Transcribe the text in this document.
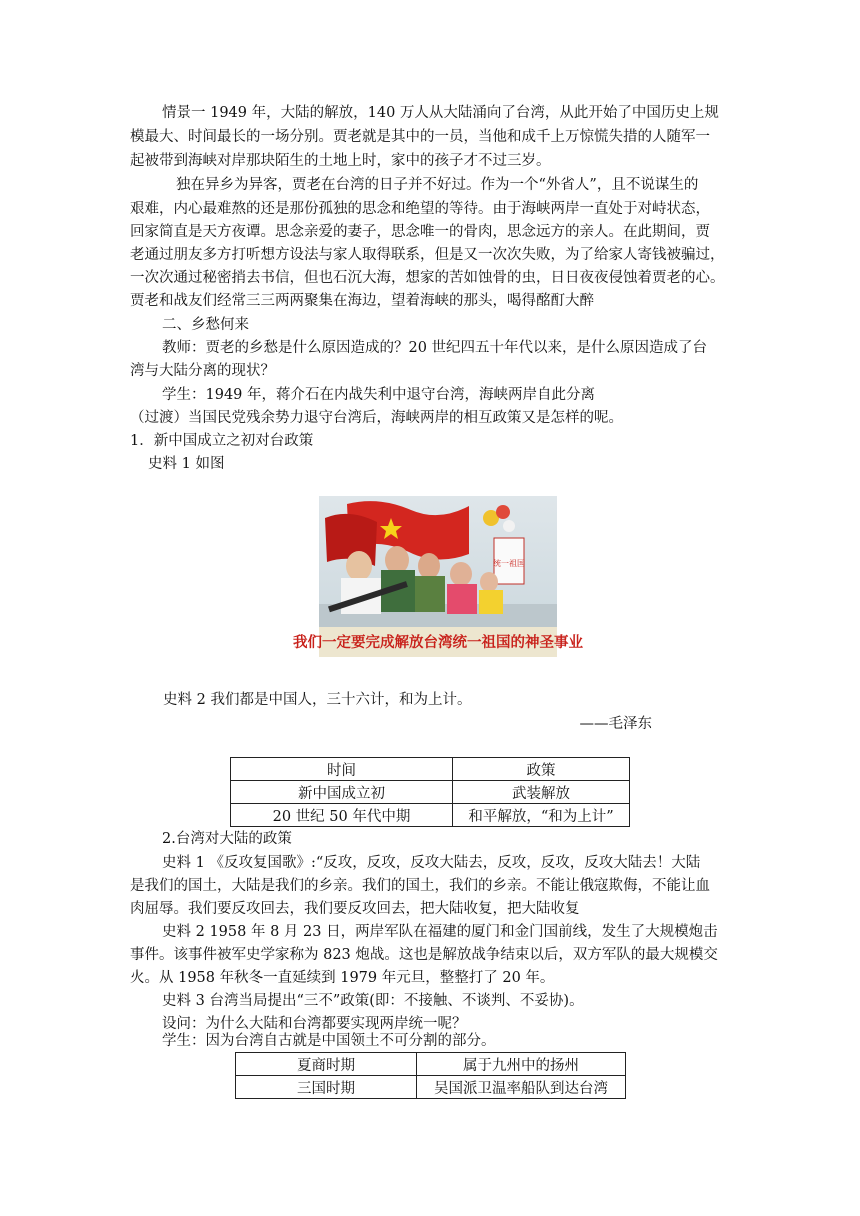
情景一 1949 年，大陆的解放，140 万人从大陆涌向了台湾，从此开始了中国历史上规
模最大、时间最长的一场分别。贾老就是其中的一员，当他和成千上万惊慌失措的人随军一
起被带到海峡对岸那块陌生的土地上时，家中的孩子才不过三岁。
独在异乡为异客，贾老在台湾的日子并不好过。作为一个“外省人”，且不说谋生的
艰难，内心最难熬的还是那份孤独的思念和绝望的等待。由于海峡两岸一直处于对峙状态，
回家简直是天方夜谭。思念亲爱的妻子，思念唯一的骨肉，思念远方的亲人。在此期间，贾
老通过朋友多方打听想方设法与家人取得联系，但是又一次次失败，为了给家人寄钱被骗过，
一次次通过秘密捎去书信，但也石沉大海，想家的苦如蚀骨的虫，日日夜夜侵蚀着贾老的心。
贾老和战友们经常三三两两聚集在海边，望着海峡的那头，喝得酩酊大醉
二、乡愁何来
教师：贾老的乡愁是什么原因造成的？20 世纪四五十年代以来，是什么原因造成了台
湾与大陆分离的现状？
学生：1949 年，蒋介石在内战失利中退守台湾，海峡两岸自此分离
（过渡）当国民党残余势力退守台湾后，海峡两岸的相互政策又是怎样的呢。
1．新中国成立之初对台政策
史料 1 如图
统一祖国
我们一定要完成解放台湾统一祖国的神圣事业
史料 2 我们都是中国人，三十六计，和为上计。
——毛泽东
时间	政策
新中国成立初	武装解放
20 世纪 50 年代中期	和平解放，“和为上计”
2.台湾对大陆的政策
史料 1 《反攻复国歌》:“反攻，反攻，反攻大陆去，反攻，反攻，反攻大陆去！大陆
是我们的国土，大陆是我们的乡亲。我们的国土，我们的乡亲。不能让俄寇欺侮，不能让血
肉屈辱。我们要反攻回去，我们要反攻回去，把大陆收复，把大陆收复
史料 2 1958 年 8 月 23 日，两岸军队在福建的厦门和金门国前线，发生了大规模炮击
事件。该事件被军史学家称为 823 炮战。这也是解放战争结束以后，双方军队的最大规模交
火。从 1958 年秋冬一直延续到 1979 年元旦，整整打了 20 年。
史料 3 台湾当局提出“三不”政策(即：不接触、不谈判、不妥协)。
设问：为什么大陆和台湾都要实现两岸统一呢？
学生：因为台湾自古就是中国领土不可分割的部分。
夏商时期	属于九州中的扬州
三国时期	吴国派卫温率船队到达台湾
